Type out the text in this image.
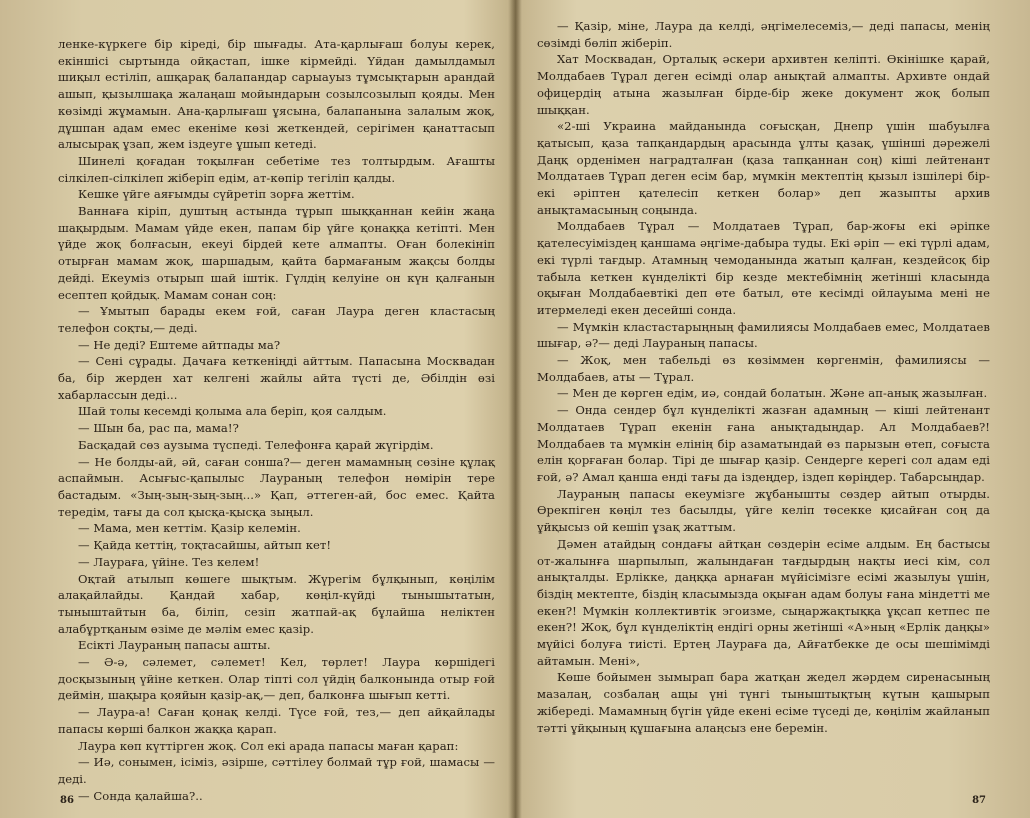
ленке-күркеге бір кіреді, бір шығады. Ата-қарлығаш болуы керек, екіншісі сыртында ойқастап, ішке кірмейді. Үйдан дамылдамыл шиқыл естіліп, ашқарақ балапандар сарыауыз тұмсықтарын арандай ашып, қызылшақа жалаңаш мойындарын созылсозылып қояды. Мен көзімді жұмамын. Ана-қарлығаш ұясына, балапанына залалым жоқ, дұшпан адам емес екеніме көзі жеткендей, серігімен қанаттасып алысырақ ұзап, жем іздеуге ұшып кетеді.

Шинелі қоғадан тоқылған себетіме тез толтырдым. Ағашты сілкілеп-сілкілеп жіберіп едім, ат-көпір тегіліп қалды.

Кешке үйге аяғымды сүйретіп зорға жеттім.

Ваннаға кіріп, душтың астында тұрып шыққаннан кейін жаңа шақырдым. Мамам үйде екен, папам бір үйге қонаққа кетіпті. Мен үйде жоқ болғасын, екеуі бірдей кете алмапты. Оған болекініп отырған мамам жоқ, шаршадым, қайта бармағаным жақсы болды дейді. Екеуміз отырып шай іштік. Гүлдің келуіне он күн қалғанын есептеп қойдық. Мамам сонан соң:

— Ұмытып барады екем ғой, саған Лаура деген кластасың телефон соқты,— деді.

— Не деді? Ештеме айтпады ма?

— Сені сұрады. Дачаға кеткеніңді айттым. Папасына Москвадан ба, бір жерден хат келгені жайлы айта түсті де, Әбілдін өзі хабарлассын деді...

Шай толы кесемді қолыма ала беріп, қоя салдым.

— Шын ба, рас па, мама!?

Басқадай сөз аузыма түспеді. Телефонға қарай жүгірдім.

— Не болды-ай, әй, саған сонша?— деген мамамның сөзіне құлақ аспаймын. Асығыс-қапылыс Лаураның телефон нөмірін тере бастадым. «Зың-зың-зың-зың...» Қап, әттеген-ай, бос емес. Қайта тередім, тағы да сол қысқа-қысқа зыңыл.

— Мама, мен кеттім. Қазір келемін.

— Қайда кеттің, тоқтасайшы, айтып кет!

— Лаураға, үйіне. Тез келем!

Оқтай атылып көшеге шықтым. Жүрегім бұлқынып, көңілім алақайлайды. Қандай хабар, көңіл-күйді тынышытатын, тыныштайтын ба, біліп, сезіп жатпай-ақ бұлайша неліктен алабұртқаным өзіме де мәлім емес қазір.

Есікті Лаураның папасы ашты.

— Ә-ә, сәлемет, сәлемет! Кел, төрлет! Лаура көршідегі досқызының үйіне кеткен. Олар тіпті сол үйдің балконында отыр ғой деймін, шақыра қояйын қазір-ақ,— деп, балконға шығып кетті.

— Лаура-а! Саған қонақ келді. Түсе ғой, тез,— деп айқайлады папасы көрші балкон жаққа қарап.

Лаура көп күттірген жоқ. Сол екі арада папасы маған қарап:

— Иә, сонымен, ісіміз, әзірше, сәттілеу болмай тұр ғой, шамасы — деді.

— Сонда қалайша?..

86

— Қазір, міне, Лаура да келді, әңгімелесеміз,— деді папасы, менің сөзімді бөліп жіберіп.

Хат Москвадан, Орталық әскери архивтен келіпті. Өкінішке қарай, Молдабаев Тұрал деген есімді олар анықтай алмапты. Архивте ондай офицердің атына жазылған бірде-бір жеке документ жоқ болып шыққан.

«2-ші Украина майданында соғысқан, Днепр үшін шабуылға қатысып, қаза тапқандардың арасында ұлты қазақ, үшінші дәрежелі Даңқ орденімен наградталған (қаза тапқаннан соң) кіші лейтенант Молдатаев Тұрап деген есім бар, мүмкін мектептің қызыл ізшілері бір-екі әріптен қателесіп кеткен болар» деп жазыпты архив анықтамасының соңында.

Молдабаев Тұрал — Молдатаев Тұрап, бар-жоғы екі әріпке қателесуіміздең қаншама әңгіме-дабыра туды. Екі әріп — екі түрлі адам, екі түрлі тағдыр. Атамның чемоданында жатып қалған, кездейсоқ бір табыла кеткен күнделікті бір кезде мектебімнің жетінші класында оқыған Молдабаевтікі деп өте батыл, өте кесімді ойлауыма мені не итермеледі екен десейші сонда.

— Мүмкін кластастарыңның фамилиясы Молдабаев емес, Молдатаев шығар, ә?— деді Лаураның папасы.

— Жоқ, мен табельді өз көзіммен көргенмін, фамилиясы — Молдабаев, аты — Тұрал.

— Мен де көрген едім, иә, сондай болатын. Және ап-анық жазылған.

— Онда сендер бұл күнделікті жазған адамның — кіші лейтенант Молдатаев Тұрап екенін ғана анықтадыңдар. Ал Молдабаев?! Молдабаев та мүмкін елінің бір азаматындай өз парызын өтеп, соғыста елін қорғаған болар. Тірі де шығар қазір. Сендерге керегі сол адам еді ғой, ә? Амал қанша енді тағы да іздеңдер, іздеп көріңдер. Табарсыңдар.

Лаураның папасы екеумізге жұбанышты сөздер айтып отырды. Өрекпіген көңіл тез басылды, үйге келіп төсекке қисайған соң да ұйқысыз ой кешіп ұзақ жаттым.

Дәмен атайдың сондағы айтқан сөздерін есіме алдым. Ең бастысы от-жалынға шарпылып, жалындаған тағдырдың нақты иесі кім, сол анықталды. Ерлікке, даңққа арнаған мүйісімізге есімі жазылуы үшін, біздің мектепте, біздің класымызда оқыған адам болуы ғана міндетті ме екен?! Мүмкін коллективтік эгоизме, сыңаржақтыққа ұқсап кетпес пе екен?! Жоқ, бұл күнделіктің ендігі орны жетінші «А»ның «Ерлік даңқы» мүйісі болуға тиісті. Ертең Лаураға да, Айғатбекке де осы шешімімді айтамын. Мені»,

Көше бойымен зымырап бара жатқан жедел жәрдем сиренасының мазалаң, созбалаң ащы үні түнгі тыныштықтың күтын қашырып жібереді. Мамамның бүгін үйде екені есіме түседі де, көңілім жайланып тәтті ұйқының құшағына алаңсыз ене беремін.

87
